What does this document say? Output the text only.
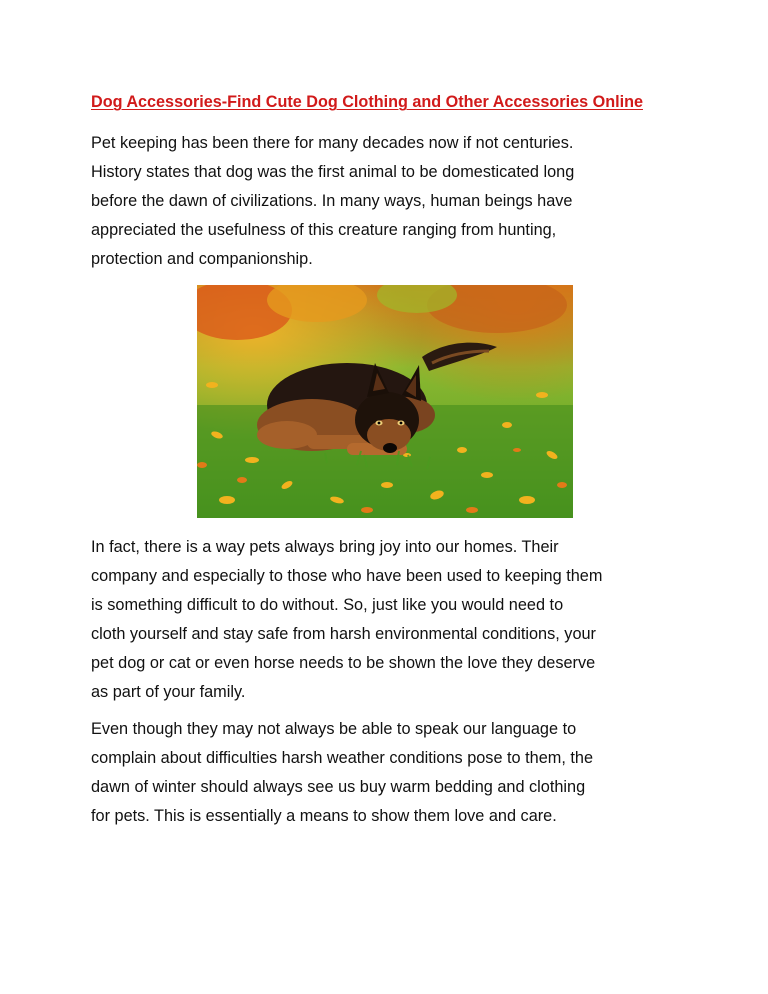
Dog Accessories-Find Cute Dog Clothing and Other Accessories Online

Pet keeping has been there for many decades now if not centuries.
History states that dog was the first animal to be domesticated long
before the dawn of civilizations. In many ways, human beings have
appreciated the usefulness of this creature ranging from hunting,
protection and companionship.

In fact, there is a way pets always bring joy into our homes. Their
company and especially to those who have been used to keeping them
is something difficult to do without. So, just like you would need to
cloth yourself and stay safe from harsh environmental conditions, your
pet dog or cat or even horse needs to be shown the love they deserve
as part of your family.

Even though they may not always be able to speak our language to
complain about difficulties harsh weather conditions pose to them, the
dawn of winter should always see us buy warm bedding and clothing
for pets. This is essentially a means to show them love and care.
